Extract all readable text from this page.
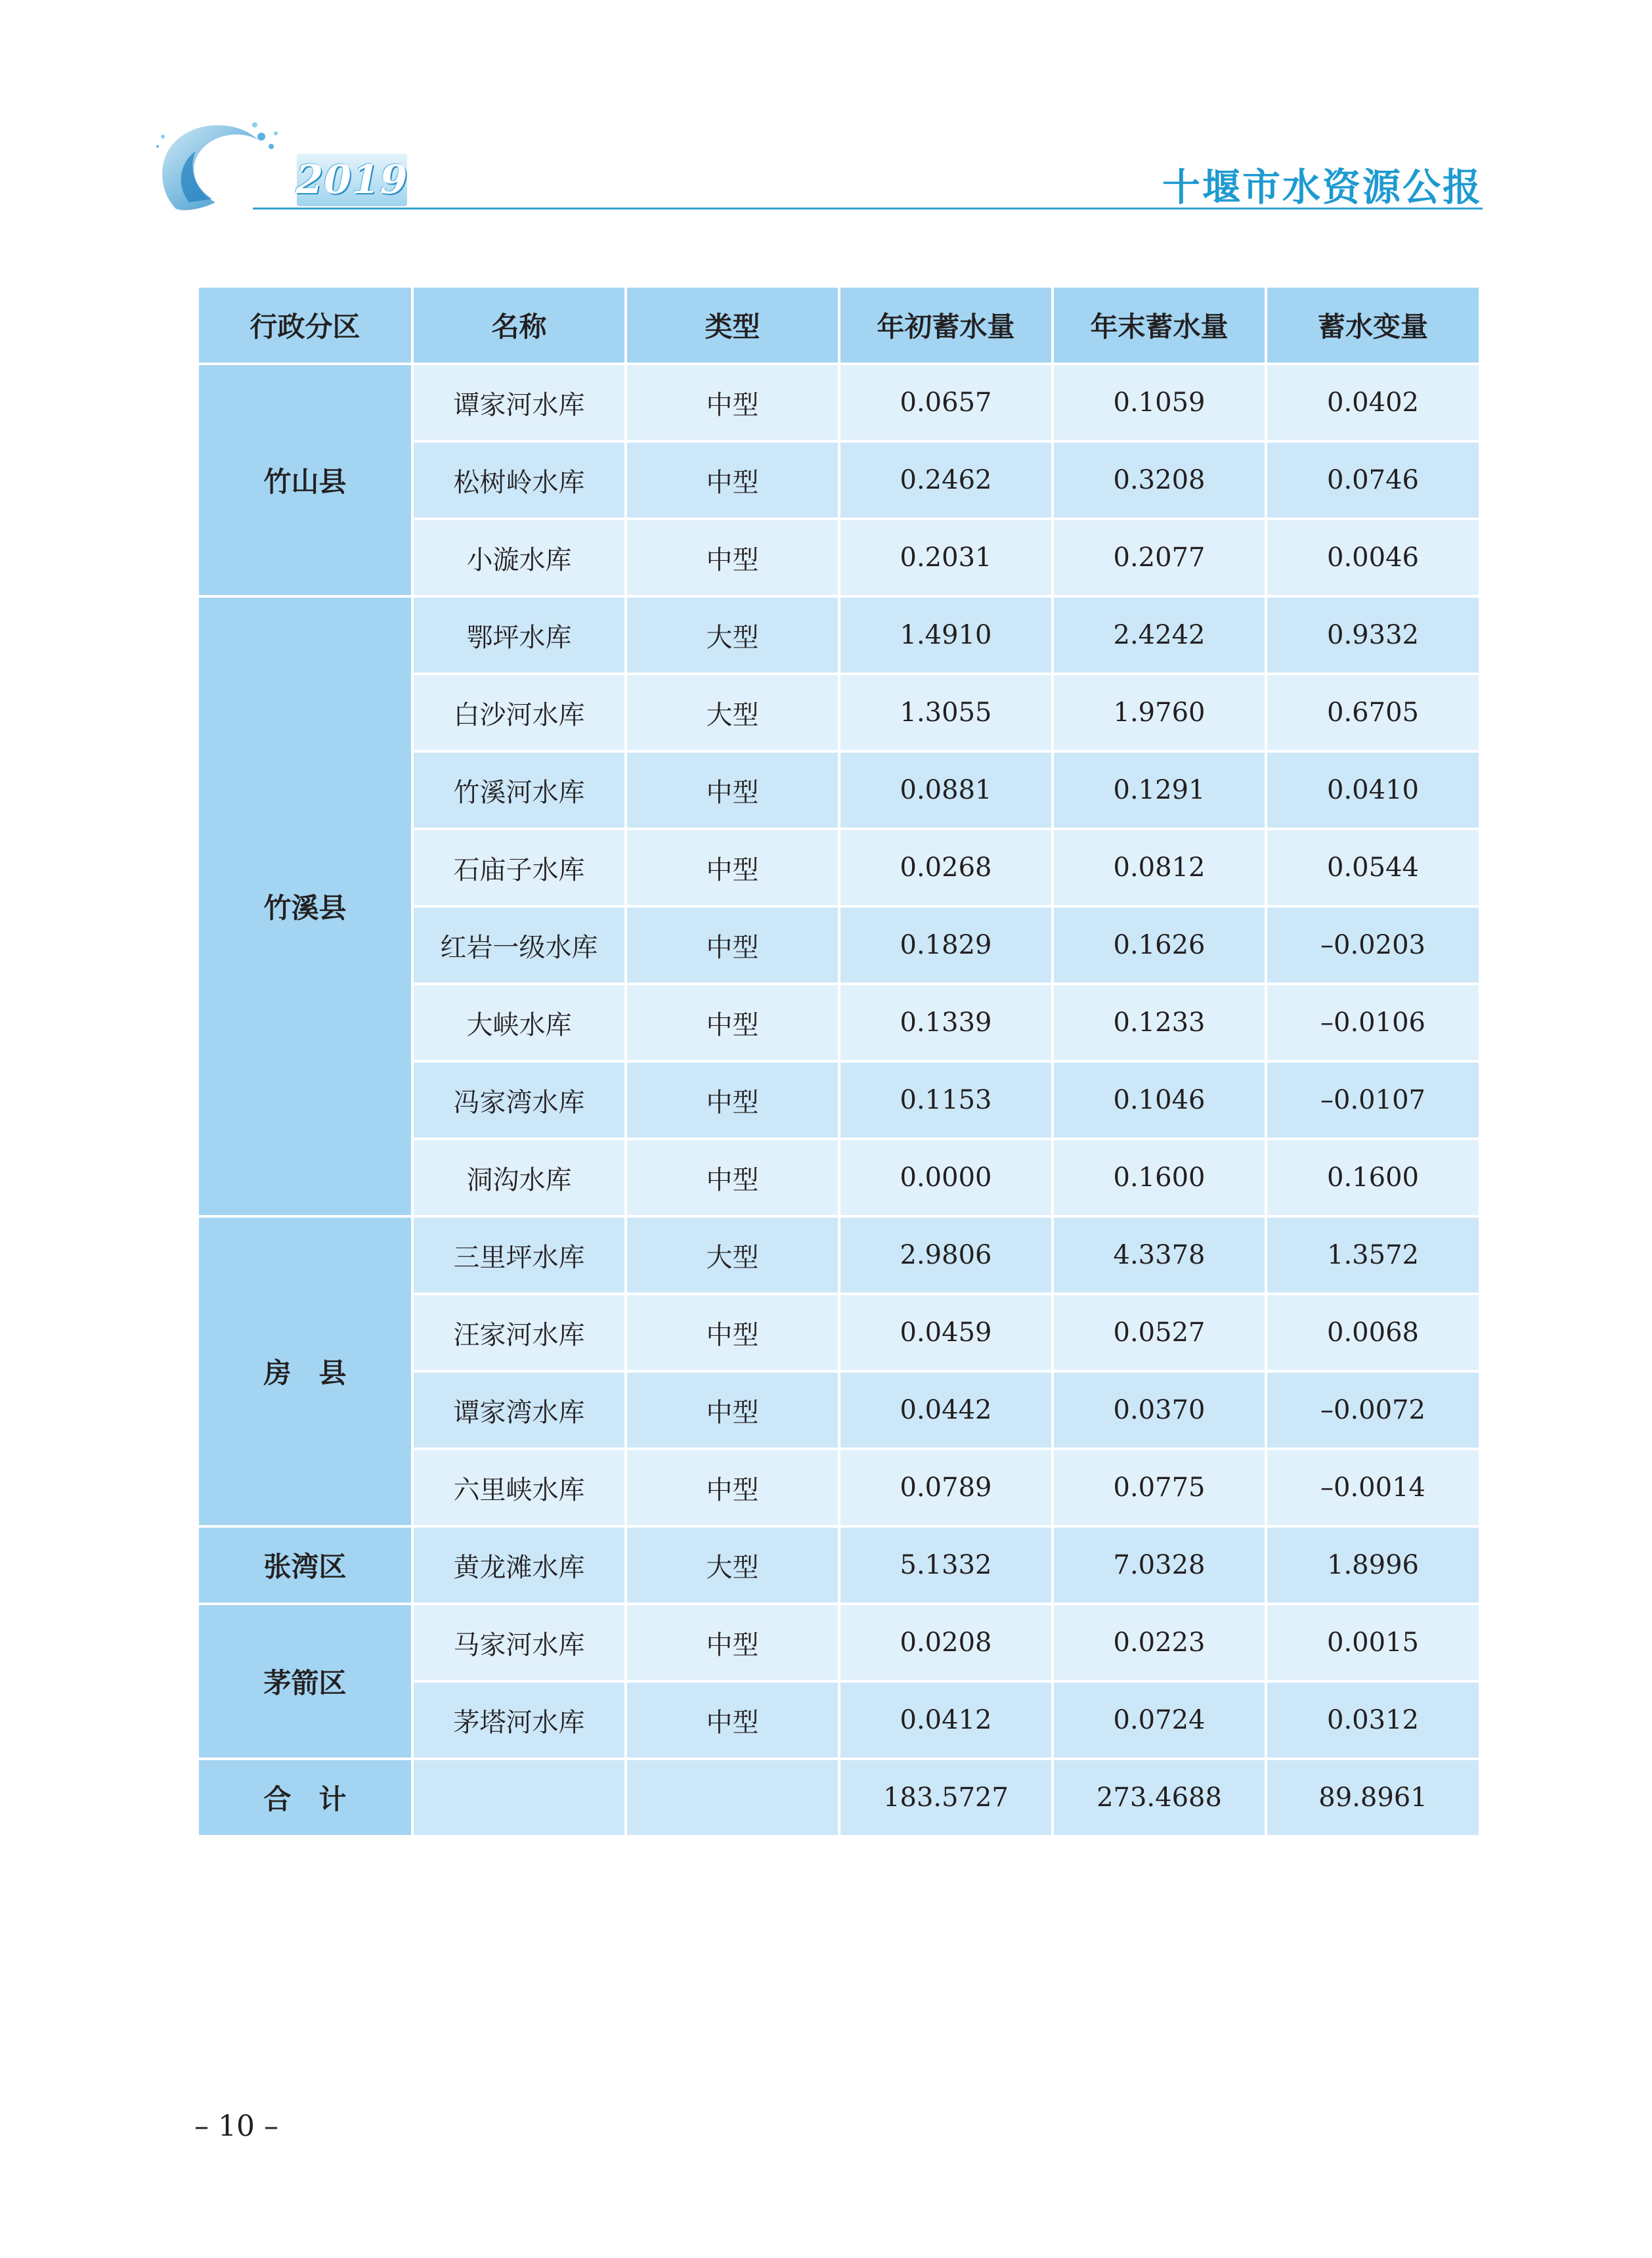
2019	十堰市水资源公报
行政分区	名称	类型	年初蓄水量	年末蓄水量	蓄水变量
竹山县	谭家河水库	中型	0.0657	0.1059	0.0402
	松树岭水库	中型	0.2462	0.3208	0.0746
	小漩水库	中型	0.2031	0.2077	0.0046
竹溪县	鄂坪水库	大型	1.4910	2.4242	0.9332
	白沙河水库	大型	1.3055	1.9760	0.6705
	竹溪河水库	中型	0.0881	0.1291	0.0410
	石庙子水库	中型	0.0268	0.0812	0.0544
	红岩一级水库	中型	0.1829	0.1626	–0.0203
	大峡水库	中型	0.1339	0.1233	–0.0106
	冯家湾水库	中型	0.1153	0.1046	–0.0107
	洞沟水库	中型	0.0000	0.1600	0.1600
房　县	三里坪水库	大型	2.9806	4.3378	1.3572
	汪家河水库	中型	0.0459	0.0527	0.0068
	谭家湾水库	中型	0.0442	0.0370	–0.0072
	六里峡水库	中型	0.0789	0.0775	–0.0014
张湾区	黄龙滩水库	大型	5.1332	7.0328	1.8996
茅箭区	马家河水库	中型	0.0208	0.0223	0.0015
	茅塔河水库	中型	0.0412	0.0724	0.0312
合　计			183.5727	273.4688	89.8961
– 10 –
